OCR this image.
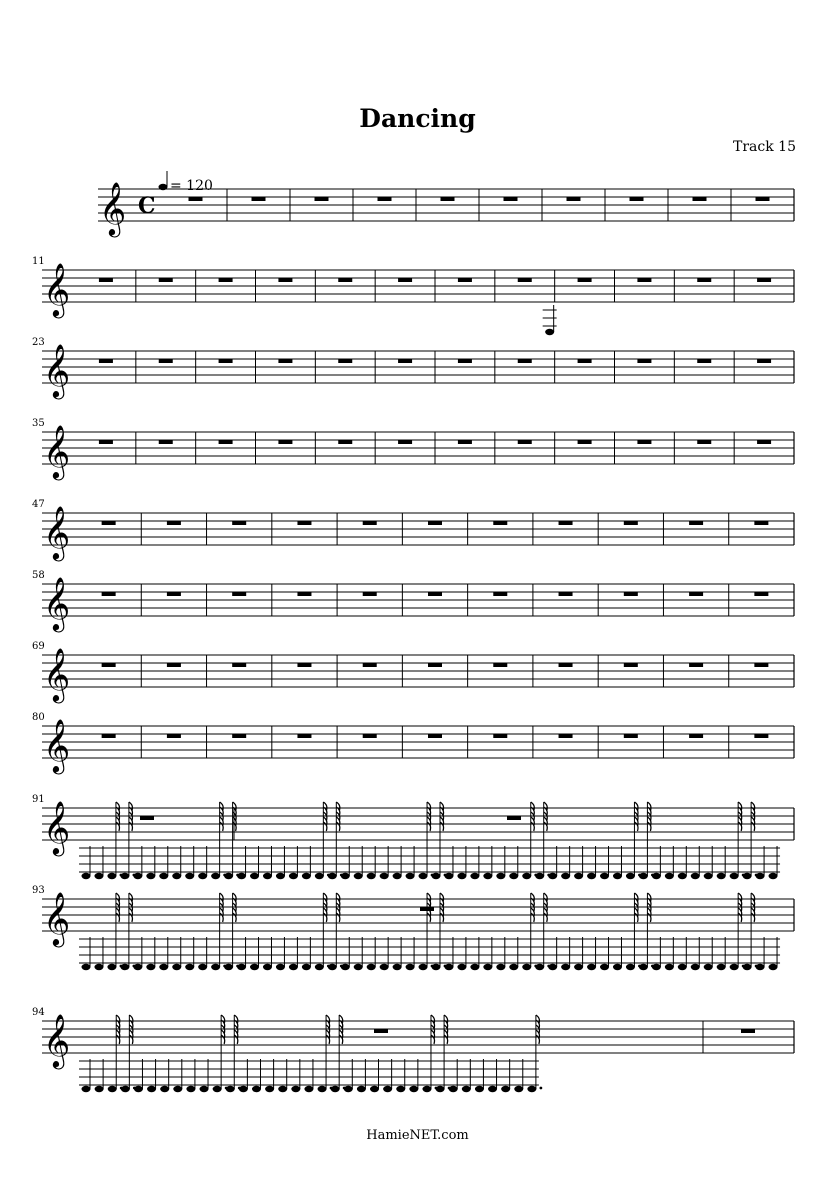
Dancing
Track 15
= 120
𝄞 C
11
𝄞
23
𝄞
35
𝄞
47
𝄞
58
𝄞
69
𝄞
80
𝄞
91
𝄞
93
𝄞
94
𝄞
HamieNET.com
